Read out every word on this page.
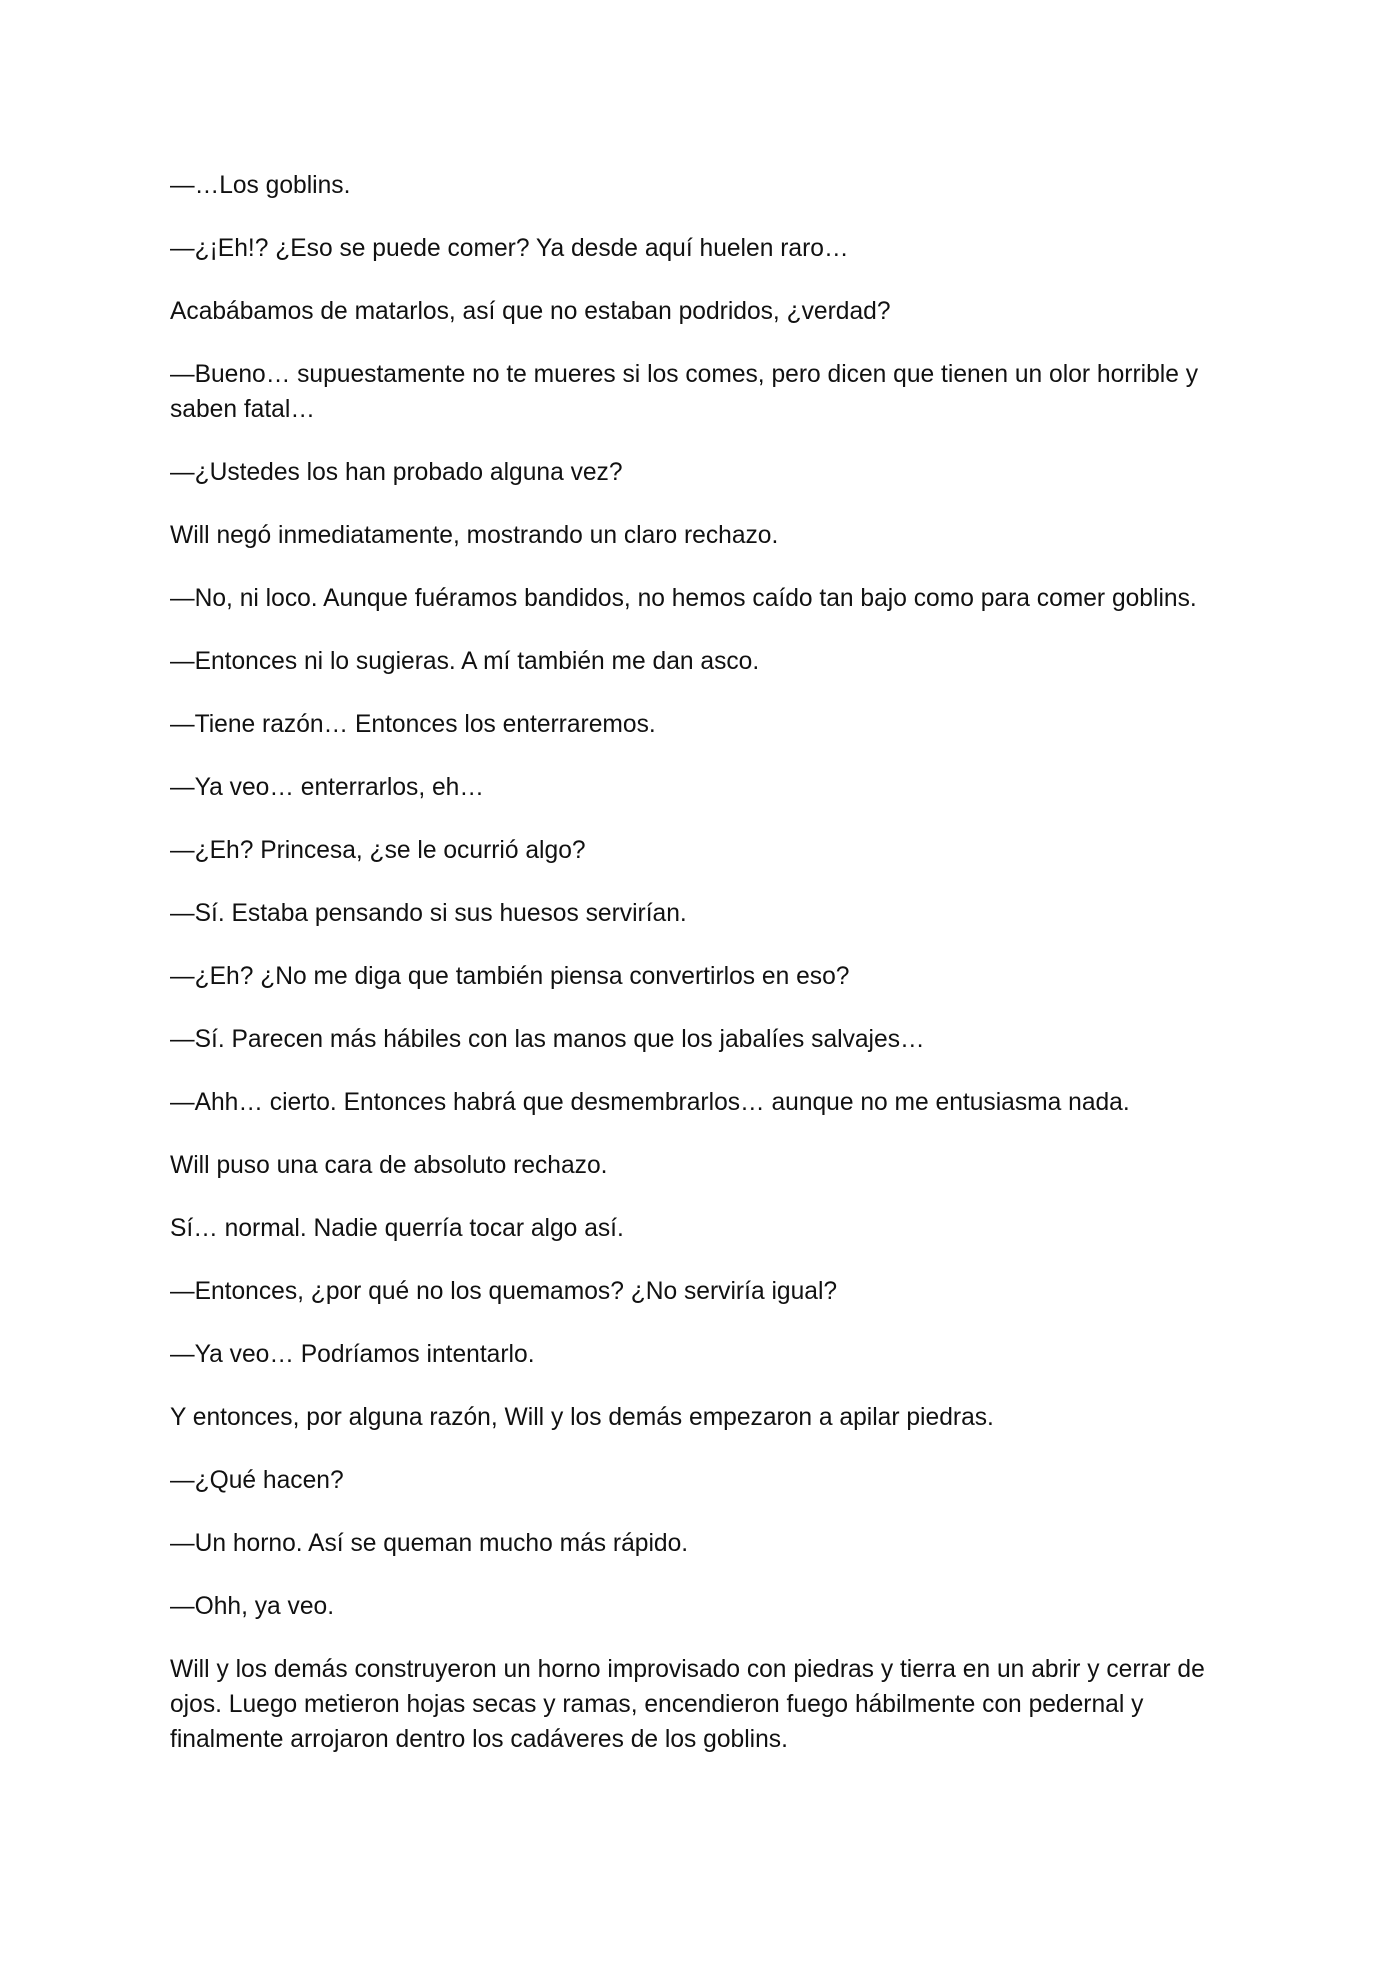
—…Los goblins.

—¿¡Eh!? ¿Eso se puede comer? Ya desde aquí huelen raro…

Acabábamos de matarlos, así que no estaban podridos, ¿verdad?

—Bueno… supuestamente no te mueres si los comes, pero dicen que tienen un olor horrible y saben fatal…

—¿Ustedes los han probado alguna vez?

Will negó inmediatamente, mostrando un claro rechazo.

—No, ni loco. Aunque fuéramos bandidos, no hemos caído tan bajo como para comer goblins.

—Entonces ni lo sugieras. A mí también me dan asco.

—Tiene razón… Entonces los enterraremos.

—Ya veo… enterrarlos, eh…

—¿Eh? Princesa, ¿se le ocurrió algo?

—Sí. Estaba pensando si sus huesos servirían.

—¿Eh? ¿No me diga que también piensa convertirlos en eso?

—Sí. Parecen más hábiles con las manos que los jabalíes salvajes…

—Ahh… cierto. Entonces habrá que desmembrarlos… aunque no me entusiasma nada.

Will puso una cara de absoluto rechazo.

Sí… normal. Nadie querría tocar algo así.

—Entonces, ¿por qué no los quemamos? ¿No serviría igual?

—Ya veo… Podríamos intentarlo.

Y entonces, por alguna razón, Will y los demás empezaron a apilar piedras.

—¿Qué hacen?

—Un horno. Así se queman mucho más rápido.

—Ohh, ya veo.

Will y los demás construyeron un horno improvisado con piedras y tierra en un abrir y cerrar de ojos. Luego metieron hojas secas y ramas, encendieron fuego hábilmente con pedernal y finalmente arrojaron dentro los cadáveres de los goblins.
